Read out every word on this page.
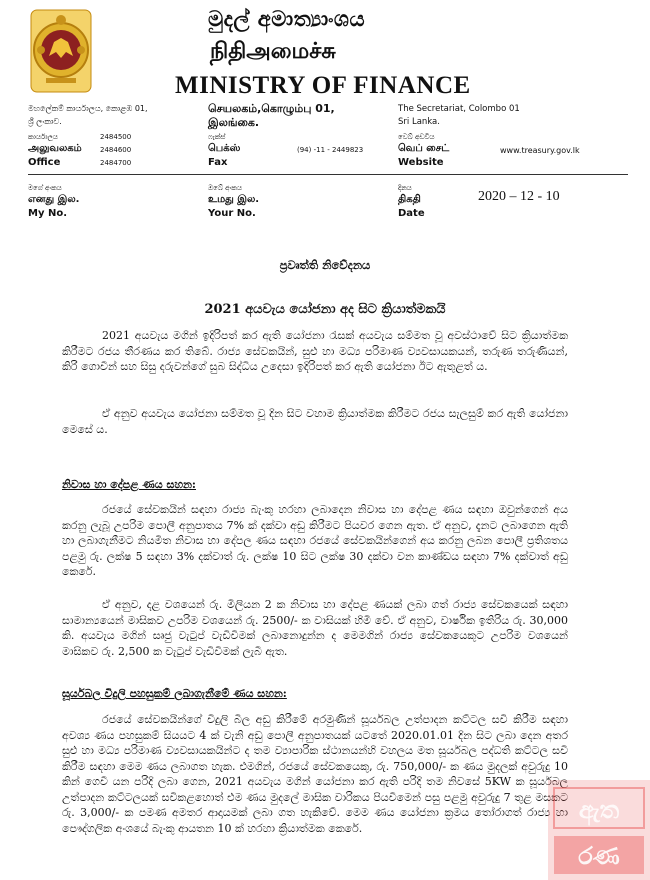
මුදල් අමාත්‍යාංශය
நிதிஅமைச்சு
MINISTRY OF FINANCE
මහලේකම් කාර්යාලය, කොළඹ 01,
ශ්‍රී ලංකාව.
செயலகம்,கொழும்பு 01,
இலங்கை.
The Secretariat, Colombo 01
Sri Lanka.
කාර්යාලය
அலுவலகம்
Office
2484500
2484600
2484700
ෆැක්ස්
பெக்ஸ்
Fax
(94) -11 - 2449823
වෙබ් අඩවිය
வெப் சைட்
Website
www.treasury.gov.lk
මගේ අංකය
எனது இல.
My No.
ඔබේ අංකය
உமது இல.
Your No.
දිනය
திகதி
Date
2020 – 12 - 10
ප්‍රවෘත්ති නිවේදනය
2021 අයවැය යෝජනා අද සිට ක්‍රියාත්මකයි
2021 අයවැය මගින් ඉදිරිපත් කර ඇති යෝජනා රැසක් අයවැය සම්මත වූ අවස්ථාවේ සිට ක්‍රියාත්මක කිරීමට රජය තීරණය කර තිබේ. රාජ්‍ය සේවකයින්, සුළු හා මධ්‍ය පරිමාණ ව්‍යවසායකයන්, තරුණ තරුණියන්, කිරි ගොවීන් සහ සිසු දරුවන්ගේ සුබ සිද්ධිය උදෙසා ඉදිරිපත් කර ඇති යෝජනා ඊට ඇතුළත් ය.
ඒ අනුව අයවැය යෝජනා සම්මත වූ දින සිට වහාම ක්‍රියාත්මක කිරීමට රජය සැලසුම් කර ඇති යෝජනා මෙසේ ය.
නිවාස හා දේපළ ණය සහන:
රජයේ සේවකයින් සඳහා රාජ්‍ය බැංකු හරහා ලබාදෙන නිවාස හා දේපළ ණය සඳහා ඔවුන්ගෙන් අය කරනු ලැබූ උපරිම පොලී අනුපාතය 7% ක් දක්වා අඩු කිරීමට පියවර ගෙන ඇත. ඒ අනුව, දැනට ලබාගෙන ඇති හා ලබාගැනීමට නියමිත නිවාස හා දේපල ණය සඳහා රජයේ සේවකයින්ගෙන් අය කරනු ලබන පොලී ප්‍රතිශතය පළමු රු. ලක්ෂ 5 සඳහා 3% දක්වාත් රු. ලක්ෂ 10 සිට ලක්ෂ 30 දක්වා වන කාණ්ඩය සඳහා 7% දක්වාත් අඩු කෙරේ.
ඒ අනුව, දළ වශයෙන් රු. මිලියන 2 ක නිවාස හා දේපළ ණයක් ලබා ගත් රාජ්‍ය සේවකයෙක් සඳහා සාමාන්‍යයෙන් මාසිකව උපරිම වශයෙන් රු. 2500/- ක වාසියක් හිමි වේ. ඒ අනුව, වාර්ෂික ඉතිරිය රු. 30,000 කි. අයවැය මගින් සෘජු වැටුප් වැඩිවීමක් ලබානොදුන්න ද මෙමගින් රාජ්‍ය සේවකයෙකුට උපරිම වශයෙන් මාසිකව රු. 2,500 ක වැටුප් වැඩිවීමක් ලැබී ඇත.
සූර්යබල විදුලි පහසුකම් ලබාගැනීමේ ණය සහන:
රජයේ සේවකයින්ගේ විදුලි බිල අඩු කිරීමේ අරමුණින් සූර්යබල උත්පාදන කට්ටල සවි කිරීම සඳහා අවශ්‍ය ණය පහසුකම් සියයට 4 ක් වැනි අඩු පොලී අනුපාතයක් යටතේ 2020.01.01 දින සිට ලබා දෙන අතර සුළු හා මධ්‍ය පරිමාණ ව්‍යවසායකයින්ට ද තම ව්‍යාපාරික ස්ථානයන්හි වහලය මත සූර්යබල පද්ධති කට්ටල සවි කිරීම සඳහා මෙම ණය ලබාගත හැක. එමගින්, රජයේ සේවකයෙකු, රු. 750,000/- ක ණය මුදලක් අවුරුදු 10 කින් ගෙවී යන පරිදි ලබා ගෙන, 2021 අයවැය මගින් යෝජනා කර ඇති පරිදි තම නිවසේ 5KW ක සූර්යබල උත්පාදන කට්ටලයක් සවිකළහොත් එම ණය මුදලේ මාසික වාරිකය පියවීමෙන් පසු පළමු අවුරුදු 7 තුළ මසකට රු. 3,000/- ක පමණ අමතර ආදායමක් ලබා ගත හැකිවේ. මෙම ණය යෝජනා ක්‍රමය තෝරාගත් රාජ්‍ය හා පෞද්ගලික අංශයේ බැංකු ආයතන 10 ක් හරහා ක්‍රියාත්මක කෙරේ.
ඇත
රණ
